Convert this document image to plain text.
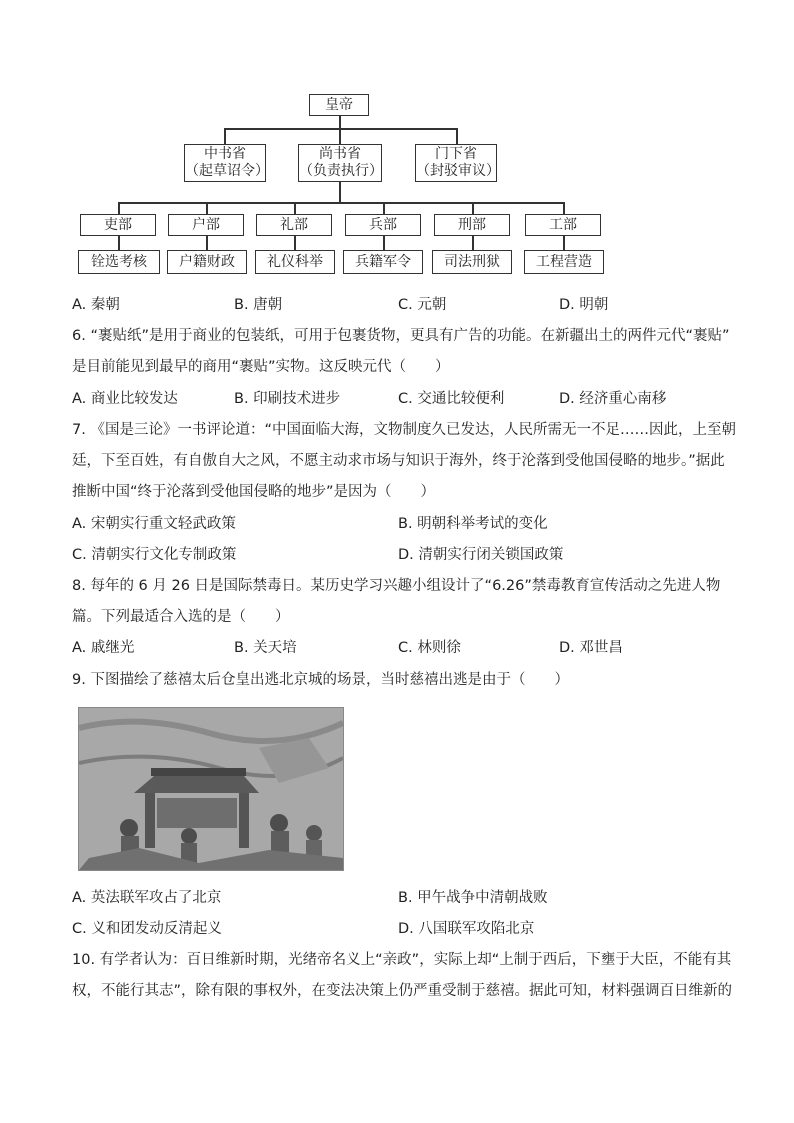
皇帝
中书省
（起草诏令）
尚书省
（负责执行）
门下省
（封驳审议）
吏部	户部	礼部	兵部	刑部	工部
铨选考核 户籍财政 礼仪科举 兵籍军令 司法刑狱	工程营造
A. 秦朝	B. 唐朝	C. 元朝	D. 明朝
6. “裹贴纸”是用于商业的包装纸，可用于包裹货物，更具有广告的功能。在新疆出土的两件元代“裹贴”
是目前能见到最早的商用“裹贴”实物。这反映元代（　　）
A. 商业比较发达	B. 印刷技术进步	C. 交通比较便利	D. 经济重心南移
7. 《国是三论》一书评论道：“中国面临大海，文物制度久已发达，人民所需无一不足……因此，上至朝
廷，下至百姓，有自傲自大之风，不愿主动求市场与知识于海外，终于沦落到受他国侵略的地步。”据此
推断中国“终于沦落到受他国侵略的地步”是因为（　　）
A. 宋朝实行重文轻武政策	B. 明朝科举考试的变化
C. 清朝实行文化专制政策	D. 清朝实行闭关锁国政策
8. 每年的 6 月 26 日是国际禁毒日。某历史学习兴趣小组设计了“6.26”禁毒教育宣传活动之先进人物
篇。下列最适合入选的是（　　）
A. 戚继光	B. 关天培	C. 林则徐	D. 邓世昌
9. 下图描绘了慈禧太后仓皇出逃北京城的场景，当时慈禧出逃是由于（　　）
A. 英法联军攻占了北京	B. 甲午战争中清朝战败
C. 义和团发动反清起义	D. 八国联军攻陷北京
10. 有学者认为：百日维新时期，光绪帝名义上“亲政”，实际上却“上制于西后，下壅于大臣，不能有其
权，不能行其志”，除有限的事权外，在变法决策上仍严重受制于慈禧。据此可知，材料强调百日维新的
